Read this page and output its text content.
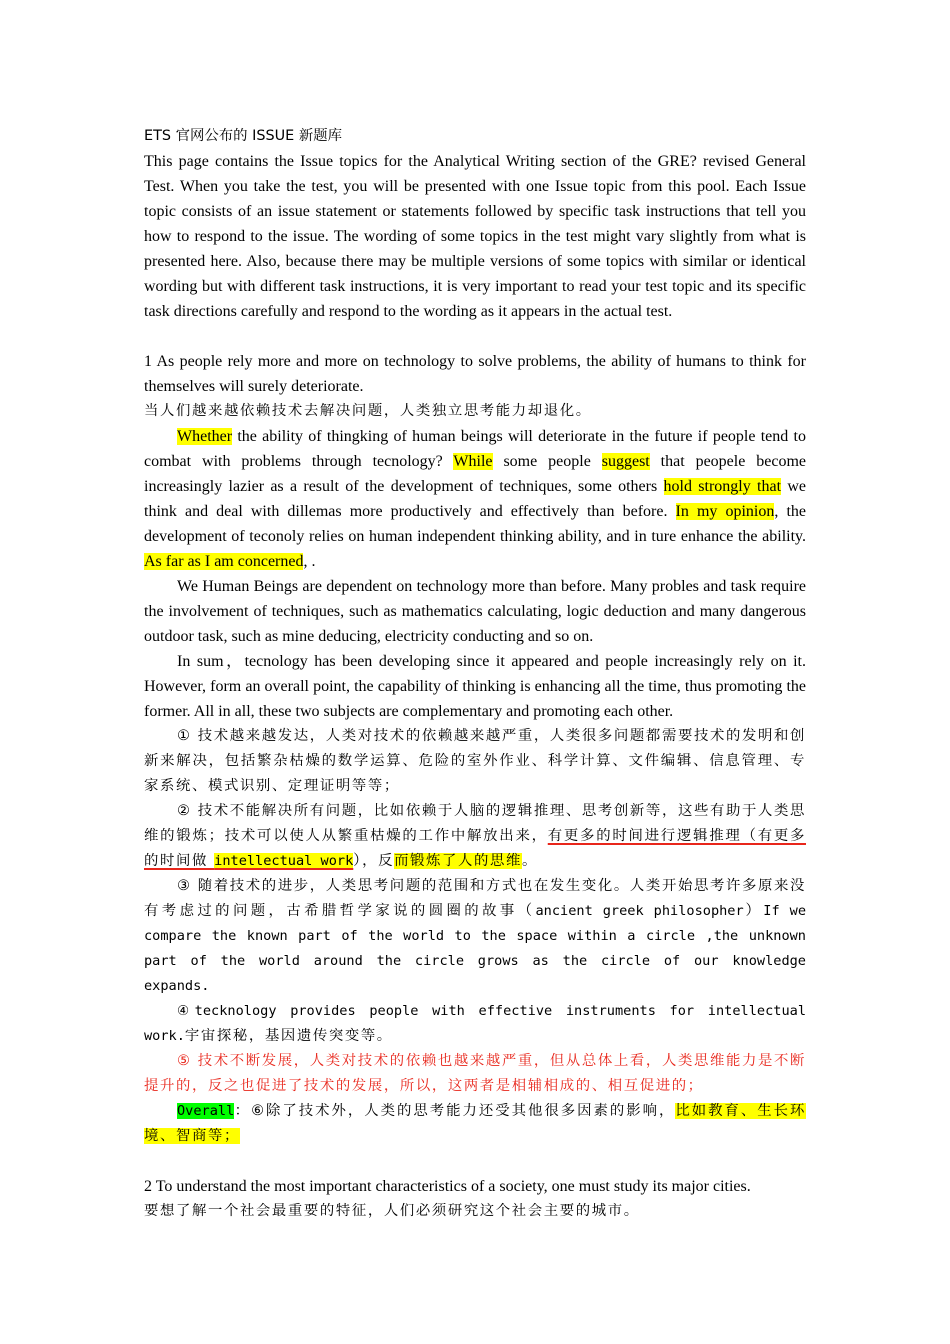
ETS 官网公布的 ISSUE 新题库

This page contains the Issue topics for the Analytical Writing section of the GRE? revised General Test. When you take the test, you will be presented with one Issue topic from this pool. Each Issue topic consists of an issue statement or statements followed by specific task instructions that tell you how to respond to the issue. The wording of some topics in the test might vary slightly from what is presented here. Also, because there may be multiple versions of some topics with similar or identical wording but with different task instructions, it is very important to read your test topic and its specific task directions carefully and respond to the wording as it appears in the actual test.

1 As people rely more and more on technology to solve problems, the ability of humans to think for themselves will surely deteriorate.

当人们越来越依赖技术去解决问题，人类独立思考能力却退化。

Whether the ability of thingking of human beings will deteriorate in the future if people tend to combat with problems through tecnology? While some people suggest that peopele become increasingly lazier as a result of the development of techniques, some others hold strongly that we think and deal with dillemas more productively and effectively than before. In my opinion, the development of teconoly relies on human independent thinking ability, and in ture enhance the ability. As far as I am concerned, .

We Human Beings are dependent on technology more than before. Many probles and task require the involvement of techniques, such as mathematics calculating, logic deduction and many dangerous outdoor task, such as mine deducing, electricity conducting and so on.

In sum，tecnology has been developing since it appeared and people increasingly rely on it. However, form an overall point, the capability of thinking is enhancing all the time, thus promoting the former. All in all, these two subjects are complementary and promoting each other.

① 技术越来越发达，人类对技术的依赖越来越严重，人类很多问题都需要技术的发明和创新来解决，包括繁杂枯燥的数学运算、危险的室外作业、科学计算、文件编辑、信息管理、专家系统、模式识别、定理证明等等；

② 技术不能解决所有问题，比如依赖于人脑的逻辑推理、思考创新等，这些有助于人类思维的锻炼；技术可以使人从繁重枯燥的工作中解放出来，有更多的时间进行逻辑推理（有更多的时间做 intellectual work），反而锻炼了人的思维。

③ 随着技术的进步，人类思考问题的范围和方式也在发生变化。人类开始思考许多原来没有考虑过的问题，古希腊哲学家说的圆圈的故事（ancient greek philosopher）If we compare the known part of the world to the space within a circle ,the unknown part of the world around the circle grows as the circle of our knowledge expands.

④tecknology provides people with effective instruments for intellectual work.宇宙探秘，基因遗传突变等。

⑤ 技术不断发展，人类对技术的依赖也越来越严重，但从总体上看，人类思维能力是不断提升的，反之也促进了技术的发展，所以，这两者是相辅相成的、相互促进的；

Overall：⑥除了技术外，人类的思考能力还受其他很多因素的影响，比如教育、生长环境、智商等；

2 To understand the most important characteristics of a society, one must study its major cities.

要想了解一个社会最重要的特征，人们必须研究这个社会主要的城市。
